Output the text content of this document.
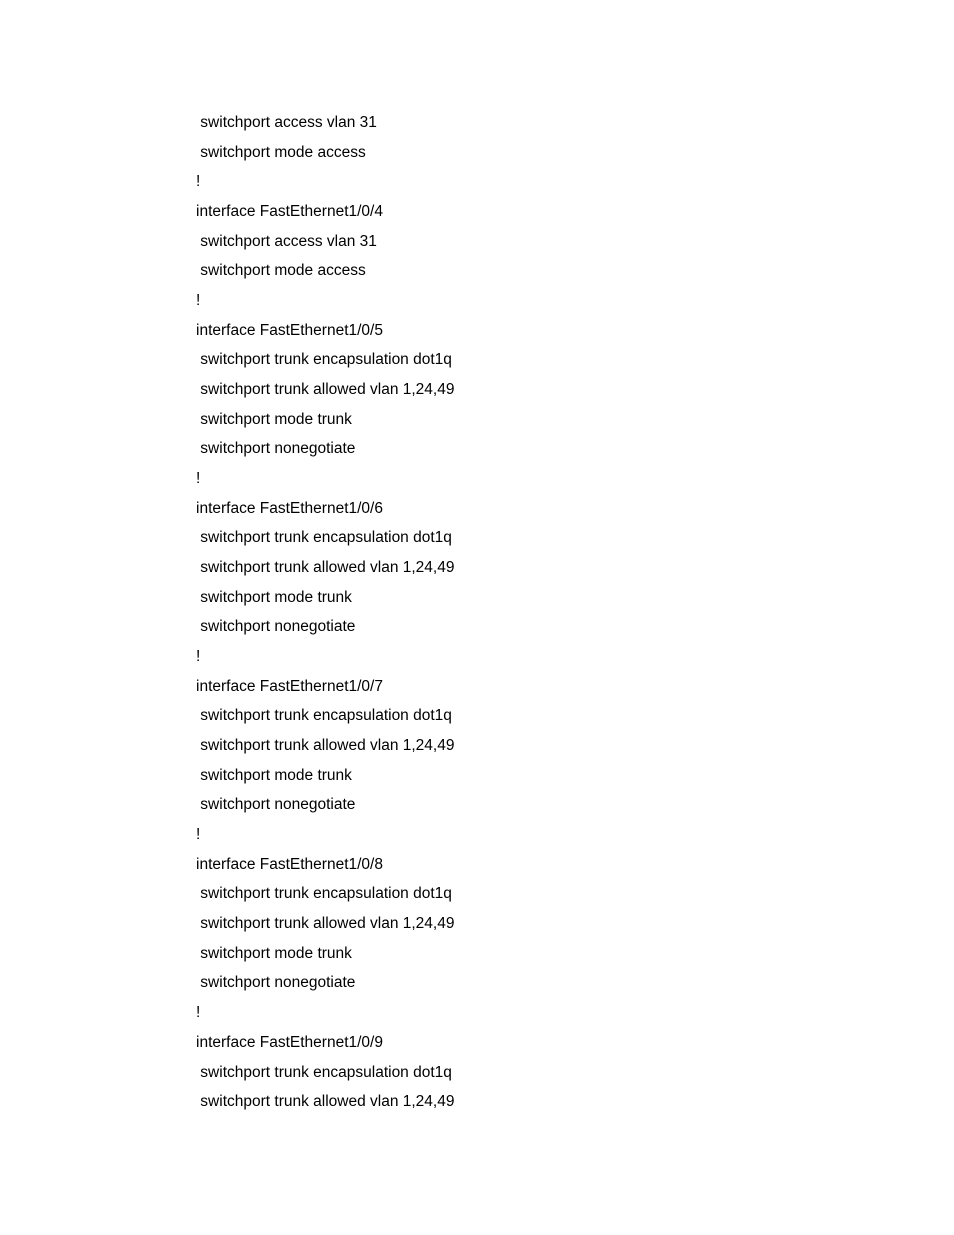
switchport access vlan 31
switchport mode access
!
interface FastEthernet1/0/4
switchport access vlan 31
switchport mode access
!
interface FastEthernet1/0/5
switchport trunk encapsulation dot1q
switchport trunk allowed vlan 1,24,49
switchport mode trunk
switchport nonegotiate
!
interface FastEthernet1/0/6
switchport trunk encapsulation dot1q
switchport trunk allowed vlan 1,24,49
switchport mode trunk
switchport nonegotiate
!
interface FastEthernet1/0/7
switchport trunk encapsulation dot1q
switchport trunk allowed vlan 1,24,49
switchport mode trunk
switchport nonegotiate
!
interface FastEthernet1/0/8
switchport trunk encapsulation dot1q
switchport trunk allowed vlan 1,24,49
switchport mode trunk
switchport nonegotiate
!
interface FastEthernet1/0/9
switchport trunk encapsulation dot1q
switchport trunk allowed vlan 1,24,49
